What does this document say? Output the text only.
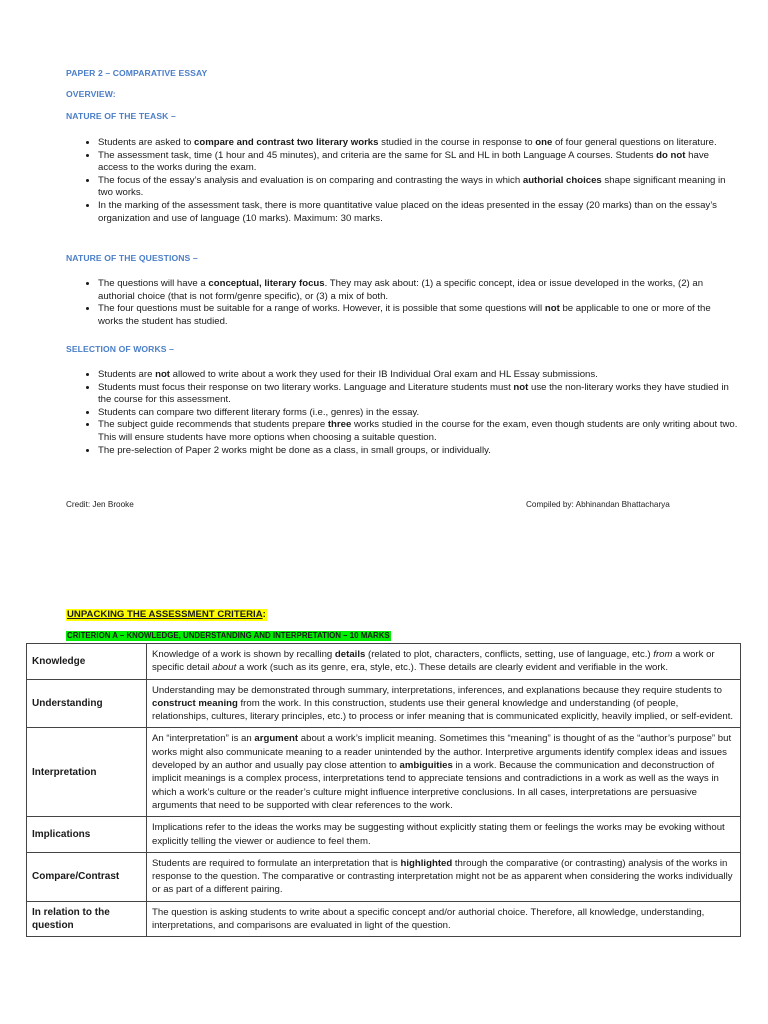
PAPER 2 – COMPARATIVE ESSAY
OVERVIEW:
NATURE OF THE TEASK –
• Students are asked to compare and contrast two literary works studied in the course in response to one of four general questions on literature.
• The assessment task, time (1 hour and 45 minutes), and criteria are the same for SL and HL in both Language A courses. Students do not have access to the works during the exam.
• The focus of the essay’s analysis and evaluation is on comparing and contrasting the ways in which authorial choices shape significant meaning in two works.
• In the marking of the assessment task, there is more quantitative value placed on the ideas presented in the essay (20 marks) than on the essay’s organization and use of language (10 marks). Maximum: 30 marks.
NATURE OF THE QUESTIONS –
• The questions will have a conceptual, literary focus. They may ask about: (1) a specific concept, idea or issue developed in the works, (2) an authorial choice (that is not form/genre specific), or (3) a mix of both.
• The four questions must be suitable for a range of works. However, it is possible that some questions will not be applicable to one or more of the works the student has studied.
SELECTION OF WORKS –
• Students are not allowed to write about a work they used for their IB Individual Oral exam and HL Essay submissions.
• Students must focus their response on two literary works. Language and Literature students must not use the non-literary works they have studied in the course for this assessment.
• Students can compare two different literary forms (i.e., genres) in the essay.
• The subject guide recommends that students prepare three works studied in the course for the exam, even though students are only writing about two. This will ensure students have more options when choosing a suitable question.
• The pre-selection of Paper 2 works might be done as a class, in small groups, or individually.
Credit: Jen Brooke	Compiled by: Abhinandan Bhattacharya
UNPACKING THE ASSESSMENT CRITERIA:
CRITERION A – KNOWLEDGE, UNDERSTANDING AND INTERPRETATION – 10 MARKS
Knowledge	Knowledge of a work is shown by recalling details (related to plot, characters, conflicts, setting, use of language, etc.) from a work or specific detail about a work (such as its genre, era, style, etc.). These details are clearly evident and verifiable in the work.
Understanding	Understanding may be demonstrated through summary, interpretations, inferences, and explanations because they require students to construct meaning from the work. In this construction, students use their general knowledge and understanding (of people, relationships, cultures, literary principles, etc.) to process or infer meaning that is communicated explicitly, heavily implied, or self-evident.
Interpretation	An “interpretation” is an argument about a work’s implicit meaning. Sometimes this “meaning” is thought of as the “author’s purpose” but works might also communicate meaning to a reader unintended by the author. Interpretive arguments identify complex ideas and issues developed by an author and usually pay close attention to ambiguities in a work. Because the communication and deconstruction of implicit meanings is a complex process, interpretations tend to appreciate tensions and contradictions in a work as well as the ways in which a work’s culture or the reader’s culture might influence interpretive conclusions. In all cases, interpretations are persuasive arguments that need to be supported with clear references to the work.
Implications	Implications refer to the ideas the works may be suggesting without explicitly stating them or feelings the works may be evoking without explicitly telling the viewer or audience to feel them.
Compare/Contrast	Students are required to formulate an interpretation that is highlighted through the comparative (or contrasting) analysis of the works in response to the question. The comparative or contrasting interpretation might not be as apparent when considering the works individually or as part of a different pairing.
In relation to the question	The question is asking students to write about a specific concept and/or authorial choice. Therefore, all knowledge, understanding, interpretations, and comparisons are evaluated in light of the question.
